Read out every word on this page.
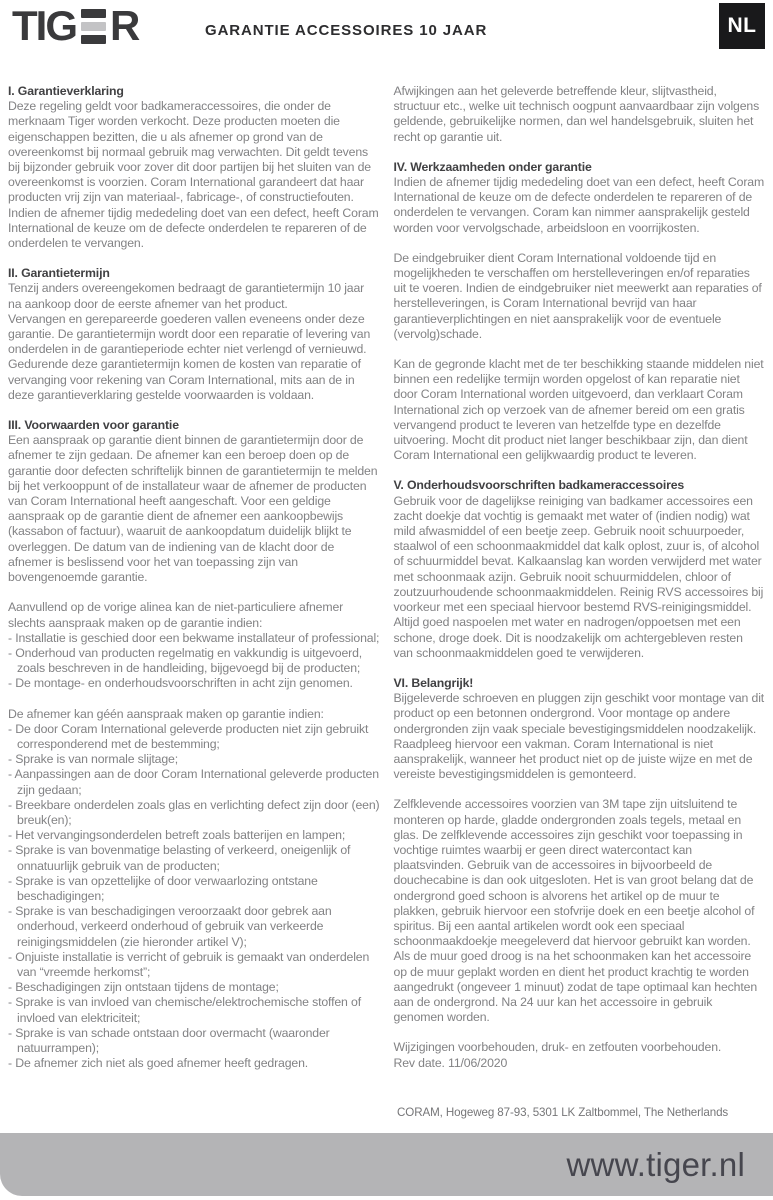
TIG R	GARANTIE ACCESSOIRES 10 JAAR	NL
I. Garantieverklaring

Deze regeling geldt voor badkameraccessoires, die onder de merknaam Tiger worden verkocht. Deze producten moeten die eigenschappen bezitten, die u als afnemer op grond van de overeenkomst bij normaal gebruik mag verwachten. Dit geldt tevens bij bijzonder gebruik voor zover dit door partijen bij het sluiten van de overeenkomst is voorzien. Coram International garandeert dat haar producten vrij zijn van materiaal-, fabricage-, of constructiefouten. Indien de afnemer tijdig mededeling doet van een defect, heeft Coram International de keuze om de defecte onderdelen te repareren of de onderdelen te vervangen.

II. Garantietermijn

Tenzij anders overeengekomen bedraagt de garantietermijn 10 jaar na aankoop door de eerste afnemer van het product.

Vervangen en gerepareerde goederen vallen eveneens onder deze garantie. De garantietermijn wordt door een reparatie of levering van onderdelen in de garantieperiode echter niet verlengd of vernieuwd.

Gedurende deze garantietermijn komen de kosten van reparatie of vervanging voor rekening van Coram International, mits aan de in deze garantieverklaring gestelde voorwaarden is voldaan.

III. Voorwaarden voor garantie

Een aanspraak op garantie dient binnen de garantietermijn door de afnemer te zijn gedaan. De afnemer kan een beroep doen op de garantie door defecten schriftelijk binnen de garantietermijn te melden bij het verkooppunt of de installateur waar de afnemer de producten van Coram International heeft aangeschaft. Voor een geldige aanspraak op de garantie dient de afnemer een aankoopbewijs (kassabon of factuur), waaruit de aankoopdatum duidelijk blijkt te overleggen. De datum van de indiening van de klacht door de afnemer is beslissend voor het van toepassing zijn van bovengenoemde garantie.

Aanvullend op de vorige alinea kan de niet-particuliere afnemer slechts aanspraak maken op de garantie indien:

- Installatie is geschied door een bekwame installateur of professional;
- Onderhoud van producten regelmatig en vakkundig is uitgevoerd, zoals beschreven in de handleiding, bijgevoegd bij de producten;
- De montage- en onderhoudsvoorschriften in acht zijn genomen.

De afnemer kan géén aanspraak maken op garantie indien:

- De door Coram International geleverde producten niet zijn gebruikt corresponderend met de bestemming;
- Sprake is van normale slijtage;
- Aanpassingen aan de door Coram International geleverde producten zijn gedaan;
- Breekbare onderdelen zoals glas en verlichting defect zijn door (een) breuk(en);
- Het vervangingsonderdelen betreft zoals batterijen en lampen;
- Sprake is van bovenmatige belasting of verkeerd, oneigenlijk of onnatuurlijk gebruik van de producten;
- Sprake is van opzettelijke of door verwaarlozing ontstane beschadigingen;
- Sprake is van beschadigingen veroorzaakt door gebrek aan onderhoud, verkeerd onderhoud of gebruik van verkeerde reinigingsmiddelen (zie hieronder artikel V);
- Onjuiste installatie is verricht of gebruik is gemaakt van onderdelen van “vreemde herkomst”;
- Beschadigingen zijn ontstaan tijdens de montage;
- Sprake is van invloed van chemische/elektrochemische stoffen of invloed van elektriciteit;
- Sprake is van schade ontstaan door overmacht (waaronder natuurrampen);
- De afnemer zich niet als goed afnemer heeft gedragen.

Afwijkingen aan het geleverde betreffende kleur, slijtvastheid, structuur etc., welke uit technisch oogpunt aanvaardbaar zijn volgens geldende, gebruikelijke normen, dan wel handelsgebruik, sluiten het recht op garantie uit.

IV. Werkzaamheden onder garantie

Indien de afnemer tijdig mededeling doet van een defect, heeft Coram International de keuze om de defecte onderdelen te repareren of de onderdelen te vervangen. Coram kan nimmer aansprakelijk gesteld worden voor vervolgschade, arbeidsloon en voorrijkosten.

De eindgebruiker dient Coram International voldoende tijd en mogelijkheden te verschaffen om herstelleveringen en/of reparaties uit te voeren. Indien de eindgebruiker niet meewerkt aan reparaties of herstelleveringen, is Coram International bevrijd van haar garantieverplichtingen en niet aansprakelijk voor de eventuele (vervolg)schade.

Kan de gegronde klacht met de ter beschikking staande middelen niet binnen een redelijke termijn worden opgelost of kan reparatie niet door Coram International worden uitgevoerd, dan verklaart Coram International zich op verzoek van de afnemer bereid om een gratis vervangend product te leveren van hetzelfde type en dezelfde uitvoering. Mocht dit product niet langer beschikbaar zijn, dan dient Coram International een gelijkwaardig product te leveren.

V. Onderhoudsvoorschriften badkameraccessoires

Gebruik voor de dagelijkse reiniging van badkamer accessoires een zacht doekje dat vochtig is gemaakt met water of (indien nodig) wat mild afwasmiddel of een beetje zeep. Gebruik nooit schuurpoeder, staalwol of een schoonmaakmiddel dat kalk oplost, zuur is, of alcohol of schuurmiddel bevat. Kalkaanslag kan worden verwijderd met water met schoonmaak azijn. Gebruik nooit schuurmiddelen, chloor of zoutzuurhoudende schoonmaakmiddelen. Reinig RVS accessoires bij voorkeur met een speciaal hiervoor bestemd RVS-reinigingsmiddel. Altijd goed naspoelen met water en nadrogen/oppoetsen met een schone, droge doek. Dit is noodzakelijk om achtergebleven resten van schoonmaakmiddelen goed te verwijderen.

VI. Belangrijk!

Bijgeleverde schroeven en pluggen zijn geschikt voor montage van dit product op een betonnen ondergrond. Voor montage op andere ondergronden zijn vaak speciale bevestigingsmiddelen noodzakelijk. Raadpleeg hiervoor een vakman. Coram International is niet aansprakelijk, wanneer het product niet op de juiste wijze en met de vereiste bevestigingsmiddelen is gemonteerd.

Zelfklevende accessoires voorzien van 3M tape zijn uitsluitend te monteren op harde, gladde ondergronden zoals tegels, metaal en glas. De zelfklevende accessoires zijn geschikt voor toepassing in vochtige ruimtes waarbij er geen direct watercontact kan plaatsvinden. Gebruik van de accessoires in bijvoorbeeld de douchecabine is dan ook uitgesloten. Het is van groot belang dat de ondergrond goed schoon is alvorens het artikel op de muur te plakken, gebruik hiervoor een stofvrije doek en een beetje alcohol of spiritus. Bij een aantal artikelen wordt ook een speciaal schoonmaakdoekje meegeleverd dat hiervoor gebruikt kan worden. Als de muur goed droog is na het schoonmaken kan het accessoire op de muur geplakt worden en dient het product krachtig te worden aangedrukt (ongeveer 1 minuut) zodat de tape optimaal kan hechten aan de ondergrond. Na 24 uur kan het accessoire in gebruik genomen worden.

Wijzigingen voorbehouden, druk- en zetfouten voorbehouden.

Rev date. 11/06/2020

CORAM, Hogeweg 87-93, 5301 LK Zaltbommel, The Netherlands
www.tiger.nl
